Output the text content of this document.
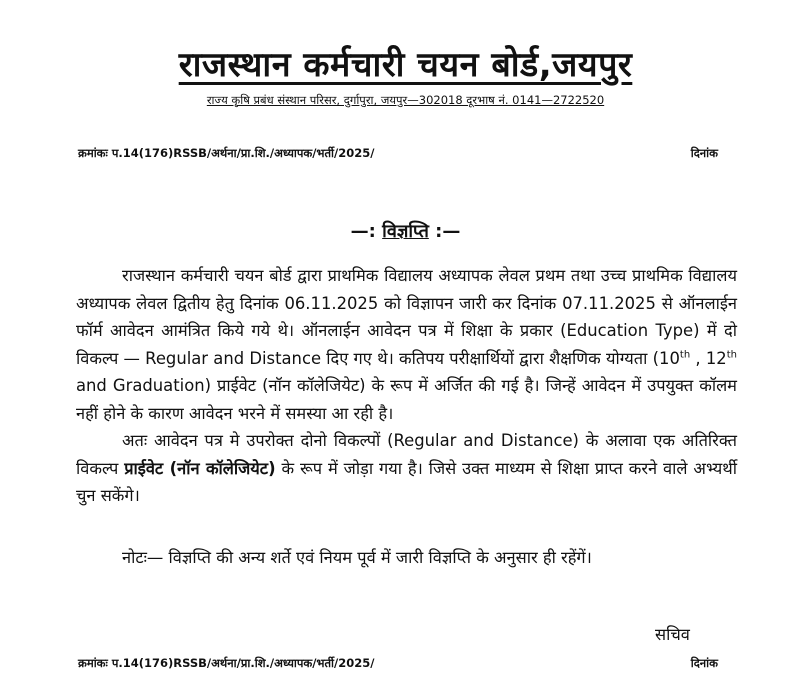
राजस्थान कर्मचारी चयन बोर्ड,जयपुर
राज्य कृषि प्रबंध संस्थान परिसर, दुर्गापुरा, जयपुर—302018 दूरभाष नं. 0141—2722520
क्रमांकः प.14(176)RSSB/अर्थना/प्रा.शि./अध्यापक/भर्ती/2025/	दिनांक
—: विज्ञप्ति :—

राजस्थान कर्मचारी चयन बोर्ड द्वारा प्राथमिक विद्यालय अध्यापक लेवल प्रथम तथा उच्च प्राथमिक विद्यालय अध्यापक लेवल द्वितीय हेतु दिनांक 06.11.2025 को विज्ञापन जारी कर दिनांक 07.11.2025 से ऑनलाईन फॉर्म आवेदन आमंत्रित किये गये थे। ऑनलाईन आवेदन पत्र में शिक्षा के प्रकार (Education Type) में दो विकल्प — Regular and Distance दिए गए थे। कतिपय परीक्षार्थियों द्वारा शैक्षणिक योग्यता (10th , 12th and Graduation) प्राईवेट (नॉन कॉलेजियेट) के रूप में अर्जित की गई है। जिन्हें आवेदन में उपयुक्त कॉलम नहीं होने के कारण आवेदन भरने में समस्या आ रही है।

अतः आवेदन पत्र मे उपरोक्त दोनो विकल्पों (Regular and Distance) के अलावा एक अतिरिक्त विकल्प प्राईवेट (नॉन कॉलेजियेट) के रूप में जोड़ा गया है। जिसे उक्त माध्यम से शिक्षा प्राप्त करने वाले अभ्यर्थी चुन सकेंगे।

नोटः— विज्ञप्ति की अन्य शर्ते एवं नियम पूर्व में जारी विज्ञप्ति के अनुसार ही रहेंगें।
सचिव
क्रमांकः प.14(176)RSSB/अर्थना/प्रा.शि./अध्यापक/भर्ती/2025/	दिनांक
